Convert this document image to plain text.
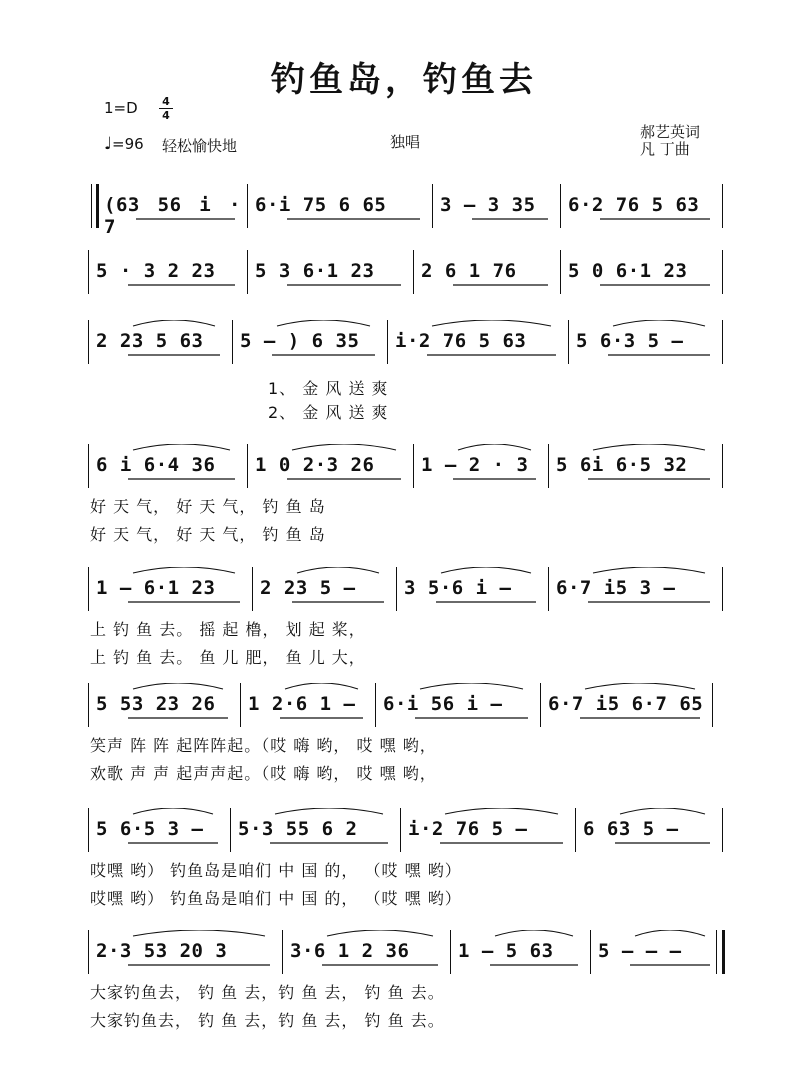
钓鱼岛，钓鱼去
1=D 4
4
♩=96 轻松愉快地	独唱
郝艺英词
凡 丁曲
(63 56 i · 7
6·i 75 6 65	3 – 3 35	6·2 76 5 63
5 · 3 2 23	5 3 6·1 23	2 6 1 76	5 0 6·1 23
2 23 5 63	5 – ) 6 35	i·2 76 5 63	5 6·3 5 –
1、 金 风 送 爽
2、 金 风 送 爽
6 i 6·4 36	1 0 2·3 26	1 – 2 · 3	5 6i 6·5 32
好 天 气， 好 天 气， 钓 鱼 岛
好 天 气， 好 天 气， 钓 鱼 岛
1 – 6·1 23	2 23 5 –	3 5·6 i –	6·7 i5 3 –
上 钓 鱼 去。 摇 起 橹， 划 起 桨，
上 钓 鱼 去。 鱼 儿 肥， 鱼 儿 大，
5 53 23 26	1 2·6 1 –	6·i 56 i –	6·7 i5 6·7 65
笑声 阵 阵 起阵阵起。（哎 嗨 哟， 哎 嘿 哟，
欢歌 声 声 起声声起。（哎 嗨 哟， 哎 嘿 哟，
5 6·5 3 –	5·3 55 6 2	i·2 76 5 –	6 63 5 –
哎嘿 哟） 钓鱼岛是咱们 中 国 的， （哎 嘿 哟）
哎嘿 哟） 钓鱼岛是咱们 中 国 的， （哎 嘿 哟）
2·3 53 20 3	3·6 1 2 36	1 – 5 63	5 – – –
大家钓鱼去， 钓 鱼 去，钓 鱼 去， 钓 鱼 去。
大家钓鱼去， 钓 鱼 去，钓 鱼 去， 钓 鱼 去。
